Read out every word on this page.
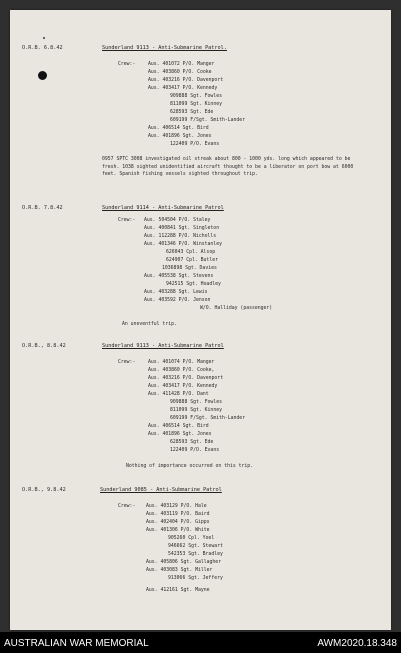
O.R.B. 6.8.42	Sunderland 9113 - Anti-Submarine Patrol.
Crew:-	Aus. 401072 P/O. Manger
Aus. 403860 P/O. Cooke
Aus. 403216 P/O. Davenport
Aus. 403417 P/O. Kennedy
909888 Sgt. Fowles
811099 Sgt. Kinney
628593 Sgt. Ede
609199 F/Sgt. Smith-Lander
Aus. 406514 Sgt. Bird
Aus. 401896 Sgt. Jones
122409 P/O. Evans
0957 SPTC 3008 investigated oil streak about 800 - 1000 yds. long which appeared to be fresh. 1038 sighted unidentified aircraft thought to be a liberator on port bow at 6000 feet. Spanish fishing vessels sighted throughout trip.
O.R.B. 7.8.42	Sunderland 9114 - Anti-Submarine Patrol
Crew:- Aus. 504504 P/O. Staley
Aus. 400841 Sgt. Singleton
Aus. 112288 P/O. Nicholls
Aus. 401346 P/O. Winstanley
626043 Cpl. Alsop
624907 Cpl. Butler
1036898 Sgt. Davies
Aus. 405538 Sgt. Stevens
942515 Sgt. Hoadley
Aus. 403288 Sgt. Lewis
Aus. 403592 P/O. Jenson
W/O. Halliday (passenger)
An uneventful trip.
O.R.B., 8.8.42	Sunderland 9113 - Anti-Submarine Patrol
Crew:-	Aus. 401074 P/O. Manger
Aus. 403860 P/O. Cooke,
Aus. 403216 P/O. Davenport
Aus. 403417 P/O. Kennedy
Aus. 411428 P/O. Dant
909888 Sgt. Fowles
811099 Sgt. Kinney
609199 F/Sgt. Smith-Lander
Aus. 406514 Sgt. Bird
Aus. 401896 Sgt. Jones
628593 Sgt. Ede
122409 P/O. Evans
Nothing of importance occurred on this trip.
O.R.B., 9.8.42	Sunderland 9085 - Anti-Submarine Patrol
Crew:- Aus. 403129 P/O. Hale
Aus. 403119 P/O. Baird
Aus. 402404 P/O. Gipps
Aus. 401306 P/O. White
905260 Cpl. Yoel
946662 Sgt. Stewart
542353 Sgt. Bradley
Aus. 405806 Sgt. Gallagher
Aus. 403083 Sgt. Miller
913066 Sgt. Jeffery
Aus. 412161 Sgt. Mayne
AUSTRALIAN WAR MEMORIAL	AWM2020.18.348
